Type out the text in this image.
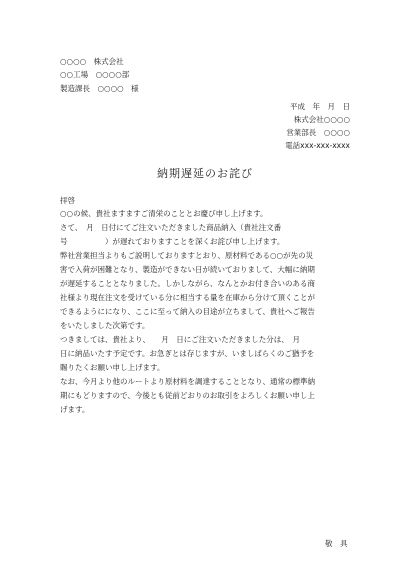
○○○○　株式会社
○○工場　○○○○部
製造課長　○○○○　様
平成　年　月　日
株式会社○○○○
営業部長　○○○○
電話xxx-xxx-xxxx
納期遅延のお詫び
拝啓
○○の候、貴社ますますご清栄のこととお慶び申し上げます。
さて、　月　日付にてご注文いただきました商品納入（貴社注文番
号　　　　　）が遅れておりますことを深くお詫び申し上げます。
弊社営業担当よりもご説明しておりますとおり、原材料である○○が先の災
害で入荷が困難となり、製造ができない日が続いておりまして、大幅に納期
が遅延することとなりました。しかしながら、なんとかお付き合いのある商
社様より現在注文を受けている分に相当する量を在庫から分けて頂くことが
できるようにになり、ここに至って納入の目途が立ちまして、貴社へご報告
をいたしました次第です。
つきましては、貴社より、　　月　日にご注文いただきました分は、　月
日に納品いたす予定です。お急ぎとは存じますが、いましばらくのご猶予を
賜りたくお願い申し上げます。
なお、今月より他のルートより原材料を調達することとなり、通常の標準納
期にもどりますので、今後とも従前どおりのお取引をよろしくお願い申し上
げます。
敬　具
